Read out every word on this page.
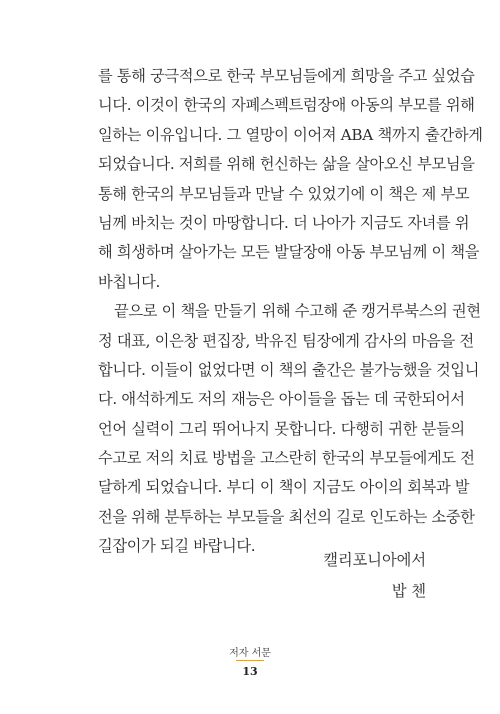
를 통해 궁극적으로 한국 부모님들에게 희망을 주고 싶었습
니다. 이것이 한국의 자폐스펙트럼장애 아동의 부모를 위해
일하는 이유입니다. 그 열망이 이어져 ABA 책까지 출간하게
되었습니다. 저희를 위해 헌신하는 삶을 살아오신 부모님을
통해 한국의 부모님들과 만날 수 있었기에 이 책은 제 부모
님께 바치는 것이 마땅합니다. 더 나아가 지금도 자녀를 위
해 희생하며 살아가는 모든 발달장애 아동 부모님께 이 책을
바칩니다.
끝으로 이 책을 만들기 위해 수고해 준 캥거루북스의 권현
정 대표, 이은창 편집장, 박유진 팀장에게 감사의 마음을 전
합니다. 이들이 없었다면 이 책의 출간은 불가능했을 것입니
다. 애석하게도 저의 재능은 아이들을 돕는 데 국한되어서
언어 실력이 그리 뛰어나지 못합니다. 다행히 귀한 분들의
수고로 저의 치료 방법을 고스란히 한국의 부모들에게도 전
달하게 되었습니다. 부디 이 책이 지금도 아이의 회복과 발
전을 위해 분투하는 부모들을 최선의 길로 인도하는 소중한
길잡이가 되길 바랍니다.
캘리포니아에서
밥 첸
저자 서문
13
